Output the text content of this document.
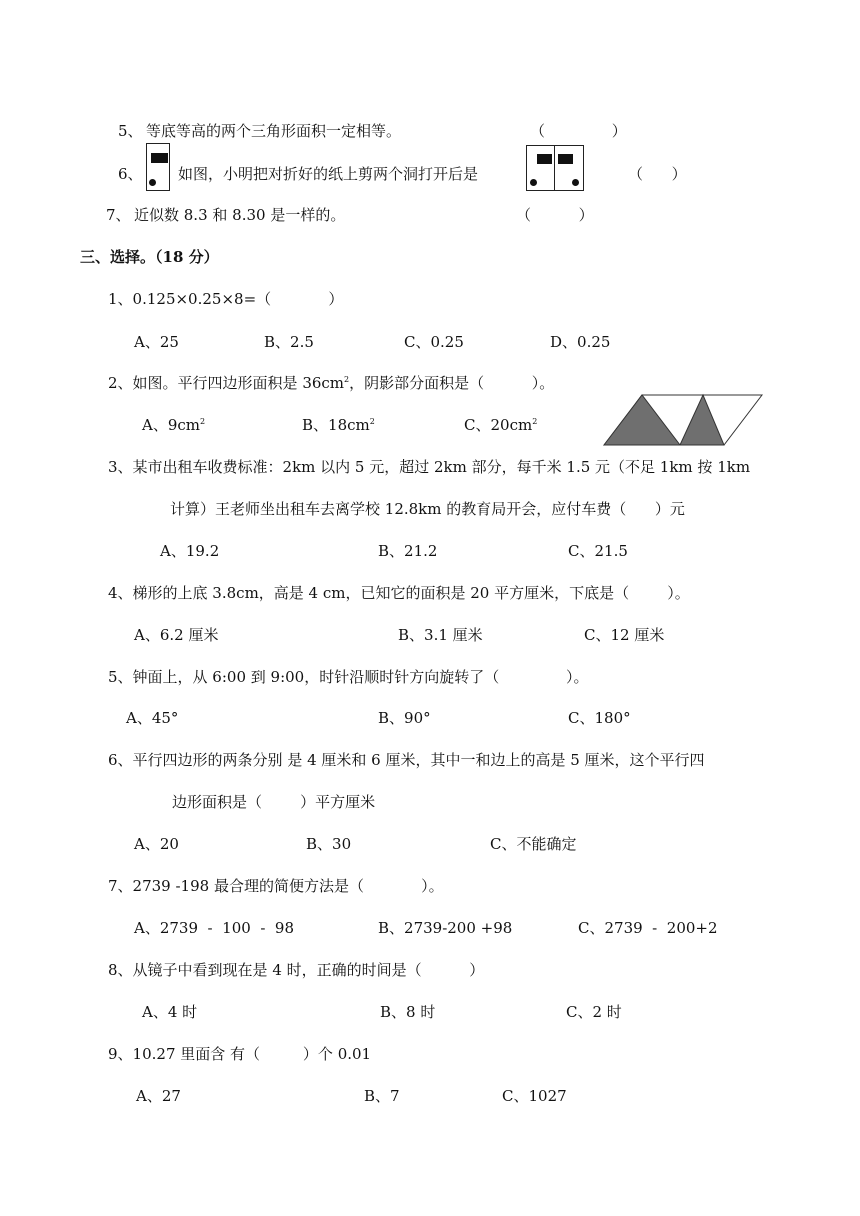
5、 等底等高的两个三角形面积一定相等。	（              ）
6、 如图，小明把对折好的纸上剪两个洞打开后是	（      ）
7、 近似数 8.3 和 8.30 是一样的。	（          ）
三、选择。（18 分）
1、0.125×0.25×8=（            ）
A、25	B、2.5	C、0.25	D、0.25
2、如图。平行四边形面积是 $36cm^2$，阴影部分面积是（          ）。
A、$9cm^2$	B、$18cm^2$	C、$20cm^2$
3、某市出租车收费标准：2km 以内 5 元，超过 2km 部分，每千米 1.5 元（不足 1km 按 1km
计算）王老师坐出租车去离学校 12.8km 的教育局开会，应付车费（      ）元
A、19.2	B、21.2	C、21.5
4、梯形的上底 3.8cm，高是 4 cm，已知它的面积是 20 平方厘米，下底是（        ）。
A、6.2 厘米	B、3.1 厘米	C、12 厘米
5、钟面上，从 6:00 到 9:00，时针沿顺时针方向旋转了（              ）。
A、45°	B、90°	C、180°
6、平行四边形的两条分别 是 4 厘米和 6 厘米，其中一和边上的高是 5 厘米，这个平行四
边形面积是（        ）平方厘米
A、20	B、30	C、不能确定
7、2739 -198 最合理的简便方法是（            ）。
A、2739  -  100  -  98	B、2739-200 +98	C、2739  -  200+2
8、从镜子中看到现在是 4 时，正确的时间是（          ）
A、4 时	B、8 时	C、2 时
9、10.27 里面含 有（         ）个 0.01
A、27	B、7	C、1027
